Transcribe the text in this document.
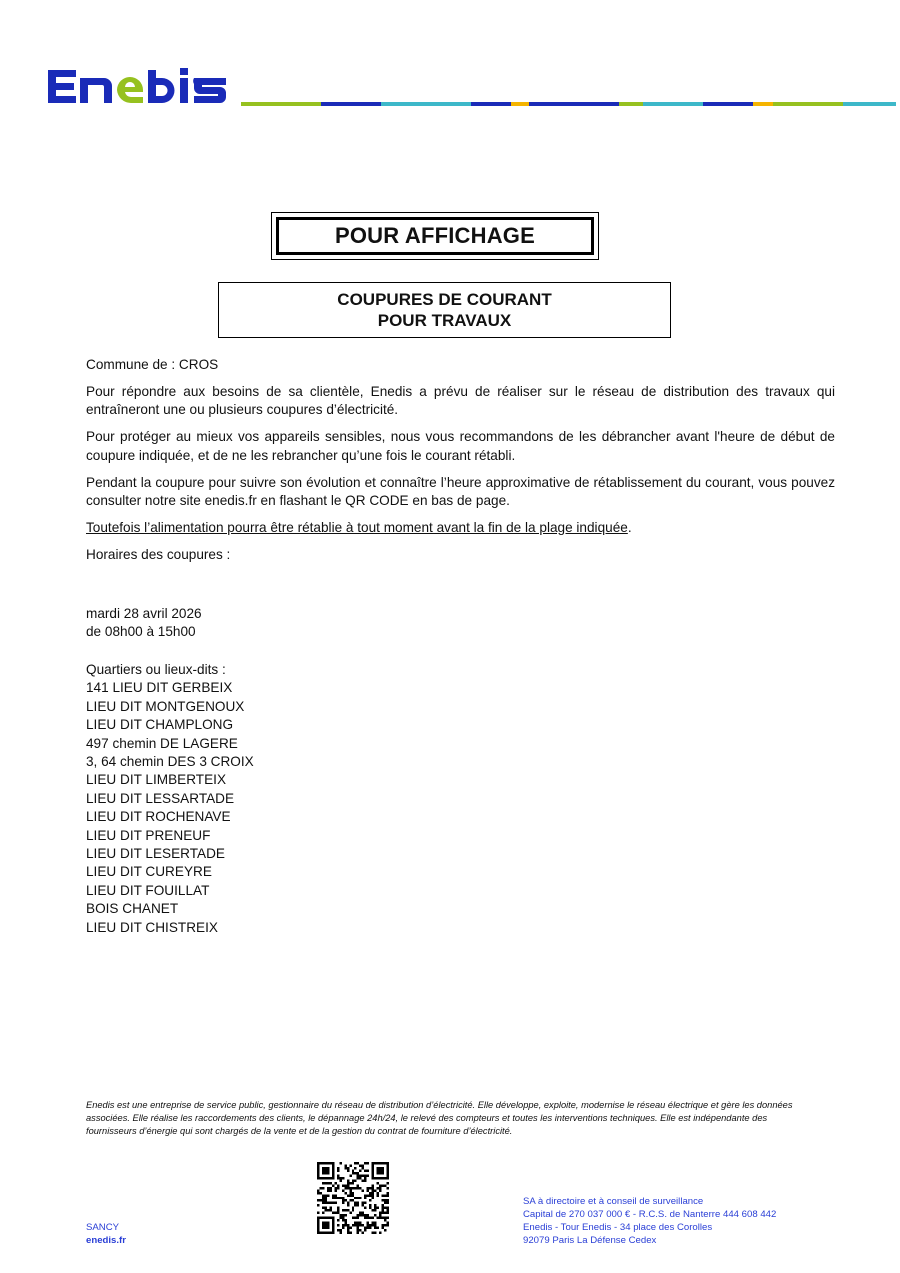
POUR AFFICHAGE
COUPURES DE COURANT
POUR TRAVAUX

Commune de : CROS

Pour répondre aux besoins de sa clientèle, Enedis a prévu de réaliser sur le réseau de distribution des travaux qui entraîneront une ou plusieurs coupures d’électricité.

Pour protéger au mieux vos appareils sensibles, nous vous recommandons de les débrancher avant l'heure de début de coupure indiquée, et de ne les rebrancher qu’une fois le courant rétabli.

Pendant la coupure pour suivre son évolution et connaître l’heure approximative de rétablissement du courant, vous pouvez consulter notre site enedis.fr en flashant le QR CODE en bas de page.

Toutefois l’alimentation pourra être rétablie à tout moment avant la fin de la plage indiquée.

Horaires des coupures :

mardi 28 avril 2026
de 08h00 à 15h00
Quartiers ou lieux-dits :
141 LIEU DIT GERBEIX
LIEU DIT MONTGENOUX
LIEU DIT CHAMPLONG
497 chemin DE LAGERE
3, 64 chemin DES 3 CROIX
LIEU DIT LIMBERTEIX
LIEU DIT LESSARTADE
LIEU DIT ROCHENAVE
LIEU DIT PRENEUF
LIEU DIT LESERTADE
LIEU DIT CUREYRE
LIEU DIT FOUILLAT
BOIS CHANET
LIEU DIT CHISTREIX
Enedis est une entreprise de service public, gestionnaire du réseau de distribution d’électricité. Elle développe, exploite, modernise le réseau électrique et gère les données associées. Elle réalise les raccordements des clients, le dépannage 24h/24, le relevé des compteurs et toutes les interventions techniques. Elle est indépendante des fournisseurs d’énergie qui sont chargés de la vente et de la gestion du contrat de fourniture d’électricité.
SANCY
enedis.fr
SA à directoire et à conseil de surveillance
Capital de 270 037 000 € - R.C.S. de Nanterre 444 608 442
Enedis - Tour Enedis - 34 place des Corolles
92079 Paris La Défense Cedex
